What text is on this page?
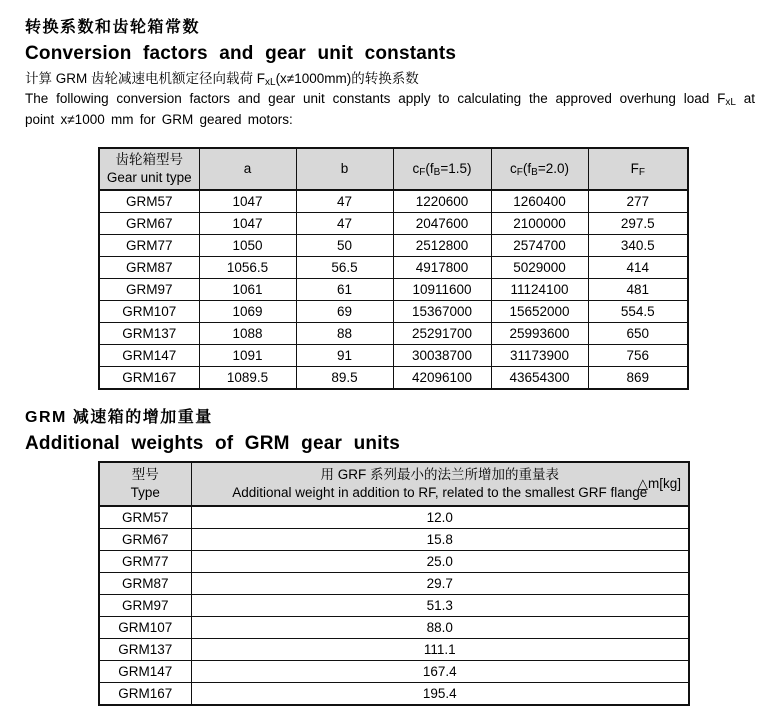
转换系数和齿轮箱常数
Conversion factors and gear unit constants
计算 GRM 齿轮减速电机额定径向载荷 $F_{xL}(x\ne 1000mm)$的转换系数
The following conversion factors and gear unit constants apply to calculating the approved overhung load $F_{xL}$ at
point x≠1000 mm for GRM geared motors:
齿轮箱型号
Gear unit type	a	b	$c_F(f_B=1.5)$	$c_F(f_B=2.0)$	$F_F$
GRM57	1047	47	1220600	1260400	277
GRM67	1047	47	2047600	2100000	297.5
GRM77	1050	50	2512800	2574700	340.5
GRM87	1056.5	56.5	4917800	5029000	414
GRM97	1061	61	10911600	11124100	481
GRM107	1069	69	15367000	15652000	554.5
GRM137	1088	88	25291700	25993600	650
GRM147	1091	91	30038700	31173900	756
GRM167	1089.5	89.5	42096100	43654300	869
GRM 减速箱的增加重量
Additional weights of GRM gear units
型号
Type

用 GRF 系列最小的法兰所增加的重量表
Additional weight in addition to RF, related to the smallest GRF flange
△m[kg]

GRM57	12.0
GRM67	15.8
GRM77	25.0
GRM87	29.7
GRM97	51.3
GRM107	88.0
GRM137	111.1
GRM147	167.4
GRM167	195.4
